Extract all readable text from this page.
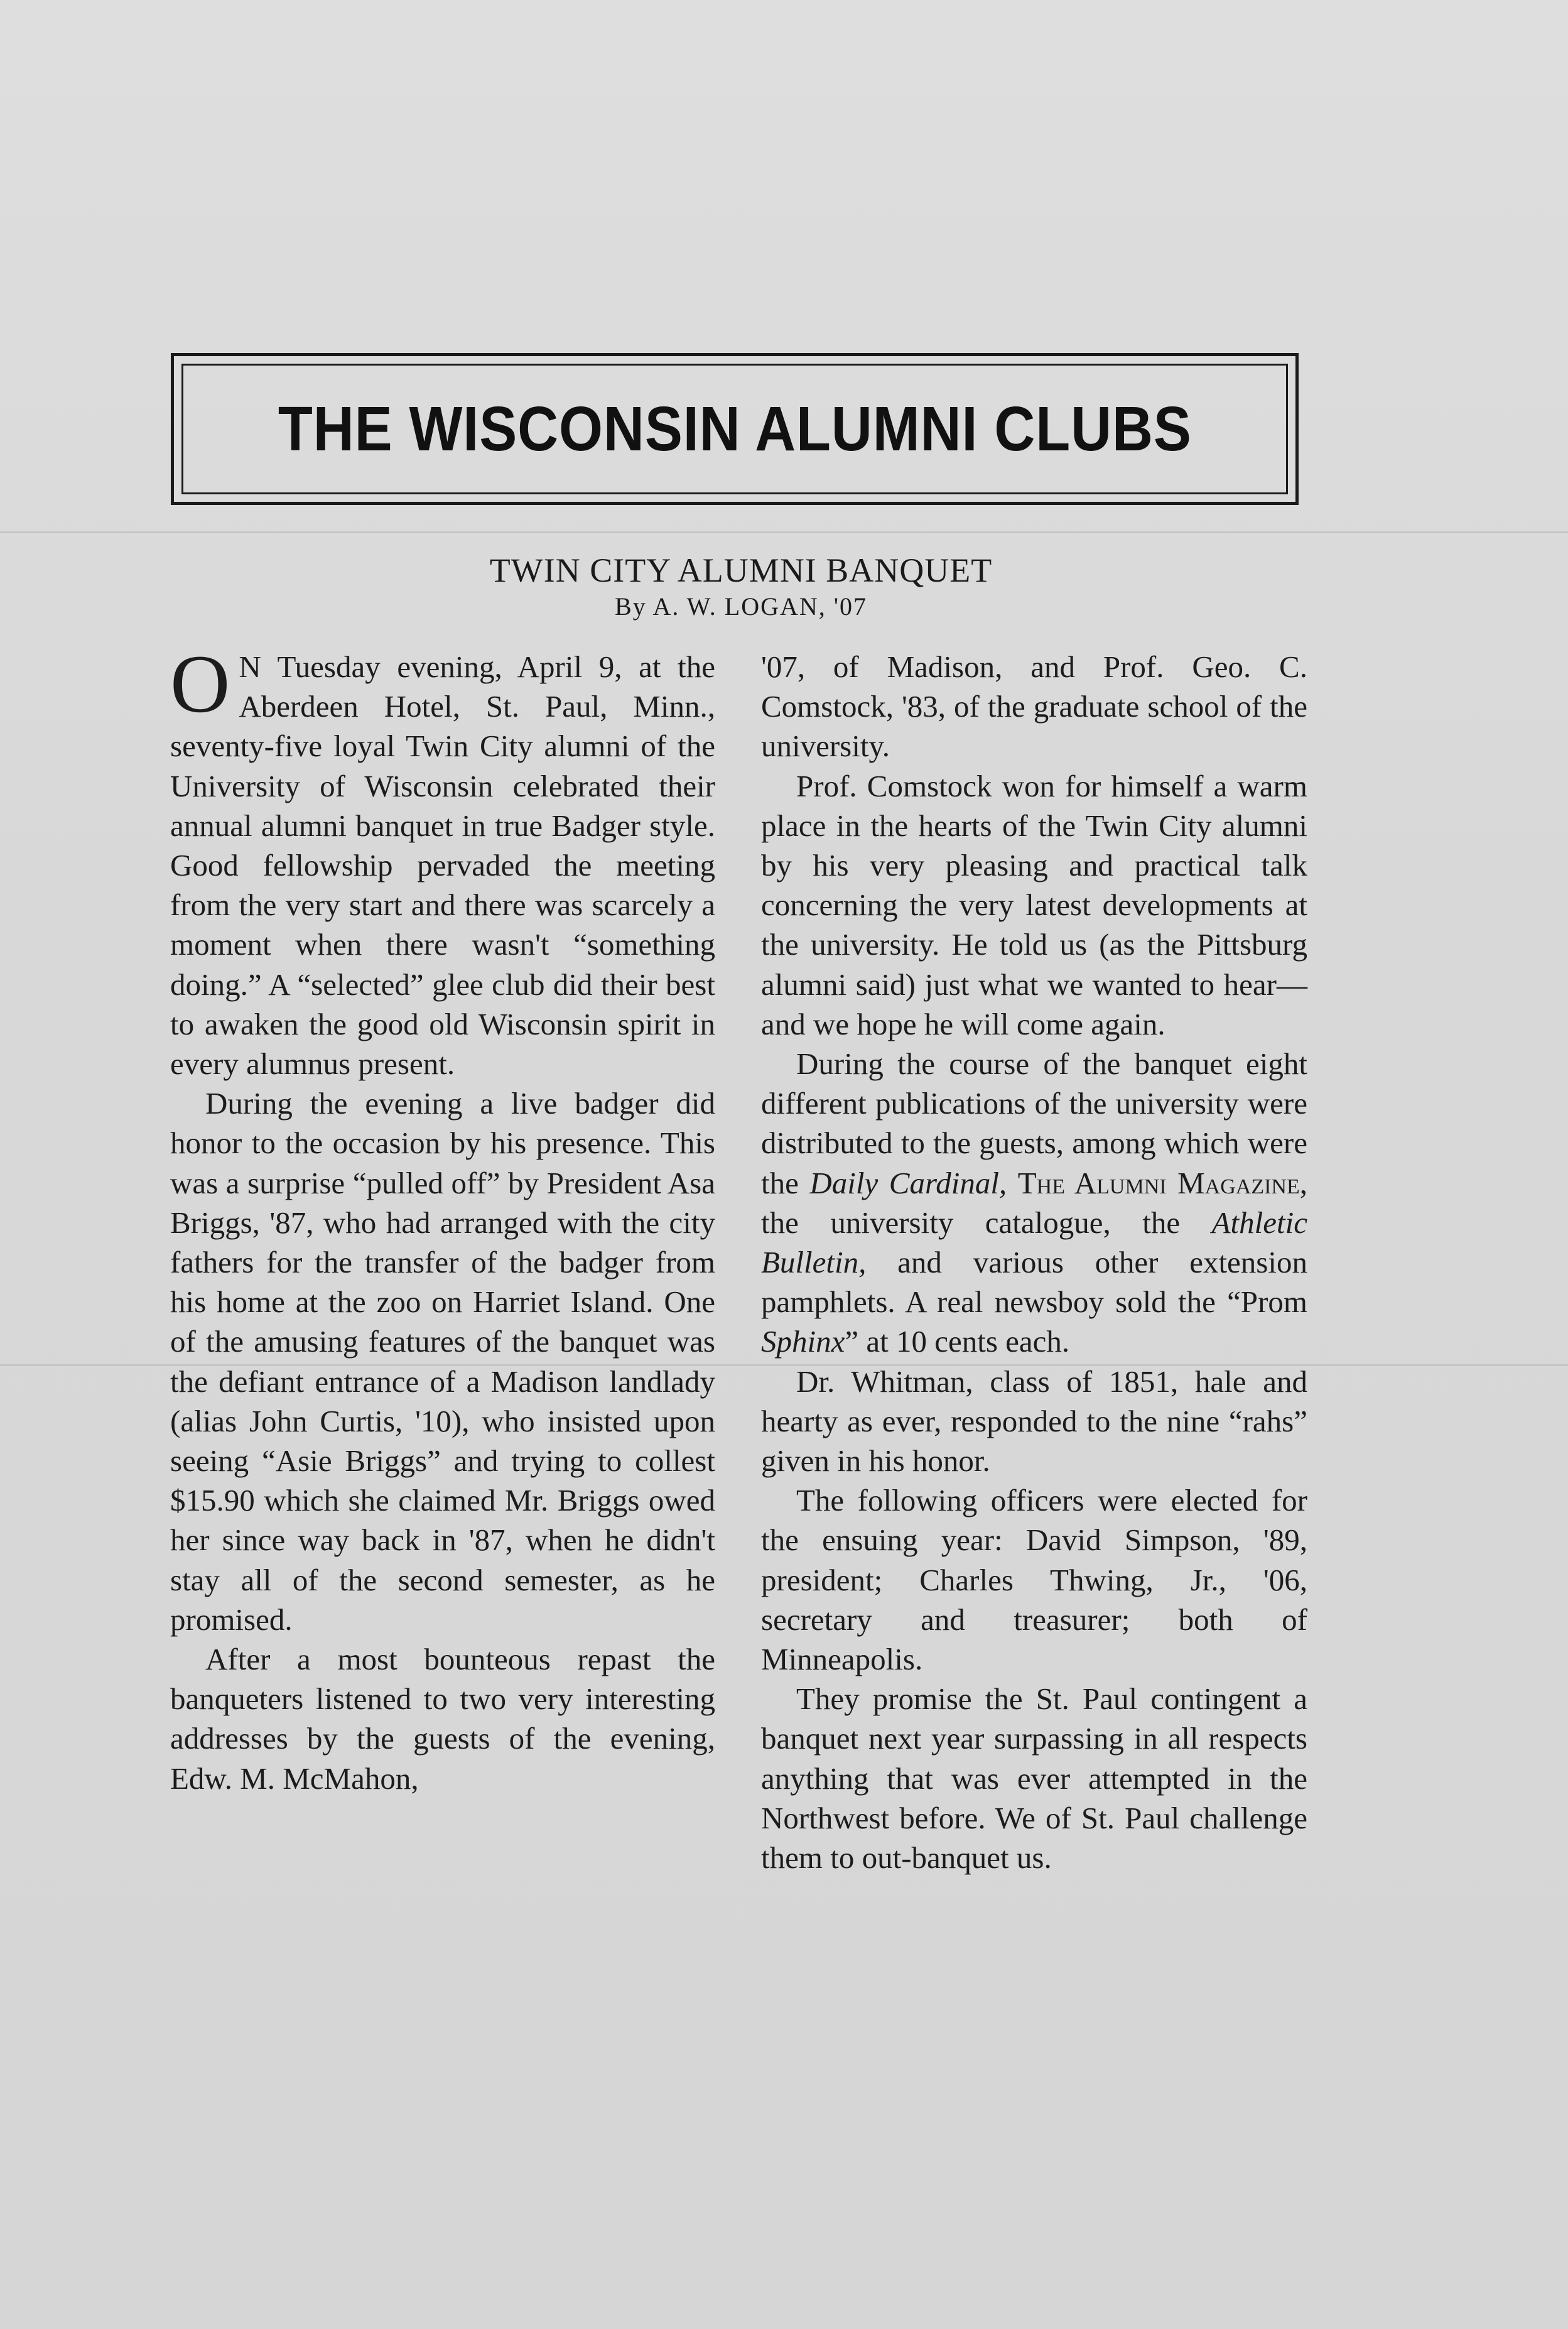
THE WISCONSIN ALUMNI CLUBS
TWIN CITY ALUMNI BANQUET
By A. W. LOGAN, '07

O N Tuesday evening, April 9, at the Aberdeen Hotel, St. Paul, Minn., seventy-five loyal Twin City alumni of the University of Wisconsin celebrated their annual alumni banquet in true Badger style. Good fellowship pervaded the meeting from the very start and there was scarcely a moment when there wasn't “something doing.” A “selected” glee club did their best to awaken the good old Wisconsin spirit in every alumnus present.

During the evening a live badger did honor to the occasion by his presence. This was a surprise “pulled off” by President Asa Briggs, '87, who had arranged with the city fathers for the transfer of the badger from his home at the zoo on Harriet Island. One of the amusing features of the banquet was the defiant entrance of a Madison landlady (alias John Curtis, '10), who insisted upon seeing “Asie Briggs” and trying to collest $15.90 which she claimed Mr. Briggs owed her since way back in '87, when he didn't stay all of the second semester, as he promised.

After a most bounteous repast the banqueters listened to two very interesting addresses by the guests of the evening, Edw. M. McMahon,

'07, of Madison, and Prof. Geo. C. Comstock, '83, of the graduate school of the university.

Prof. Comstock won for himself a warm place in the hearts of the Twin City alumni by his very pleasing and practical talk concerning the very latest developments at the university. He told us (as the Pittsburg alumni said) just what we wanted to hear—and we hope he will come again.

During the course of the banquet eight different publications of the university were distributed to the guests, among which were the Daily Cardinal, The Alumni Magazine, the university catalogue, the Athletic Bulletin, and various other extension pamphlets. A real newsboy sold the “Prom Sphinx” at 10 cents each.

Dr. Whitman, class of 1851, hale and hearty as ever, responded to the nine “rahs” given in his honor.

The following officers were elected for the ensuing year: David Simpson, '89, president; Charles Thwing, Jr., '06, secretary and treasurer; both of Minneapolis.

They promise the St. Paul contingent a banquet next year surpassing in all respects anything that was ever attempted in the Northwest before. We of St. Paul challenge them to out-banquet us.
